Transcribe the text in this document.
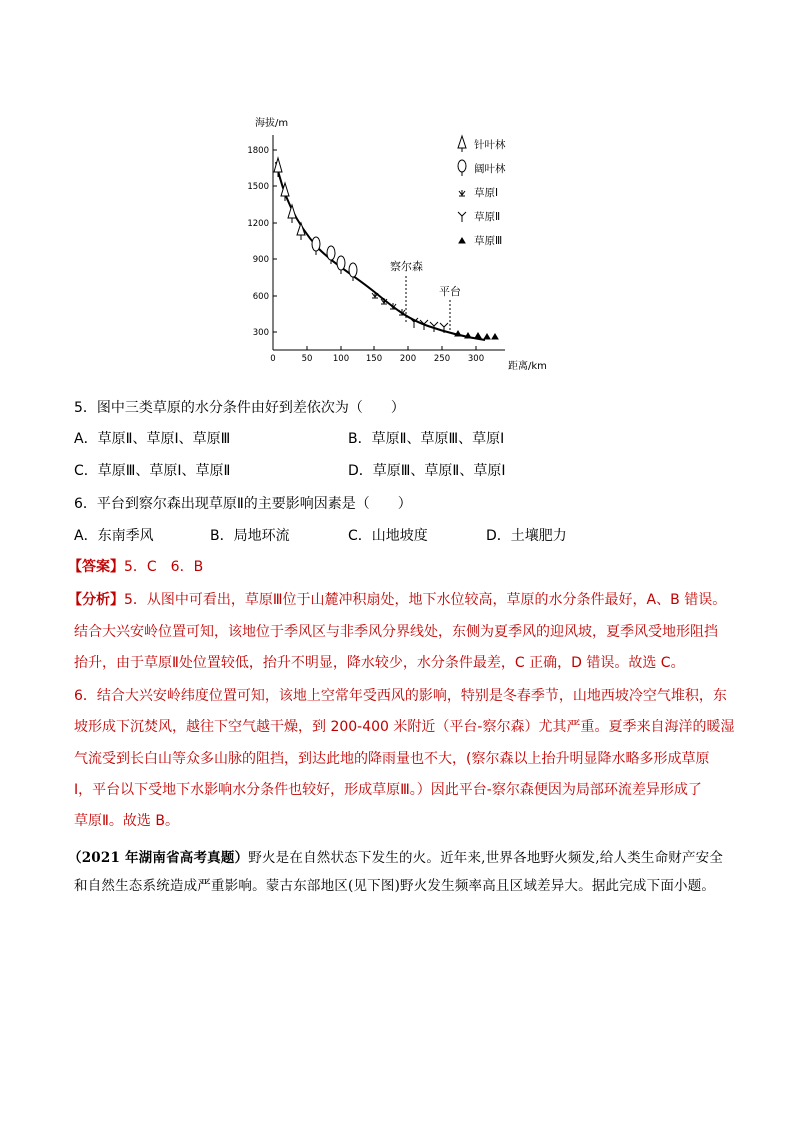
海拔/m
距离/km
1800
1500
1200
900
600
300
0	50 100 150 200 250 300
察尔森
平台
针叶林
阔叶林
草原Ⅰ
草原Ⅱ
草原Ⅲ
5．图中三类草原的水分条件由好到差依次为（　　）
A．草原Ⅱ、草原Ⅰ、草原Ⅲ	B．草原Ⅱ、草原Ⅲ、草原Ⅰ
C．草原Ⅲ、草原Ⅰ、草原Ⅱ	D．草原Ⅲ、草原Ⅱ、草原Ⅰ
6．平台到察尔森出现草原Ⅱ的主要影响因素是（　　）
A．东南季风	B．局地环流	C．山地坡度	D．土壤肥力
【答案】5．C　6．B
【分析】5．从图中可看出，草原Ⅲ位于山麓冲积扇处，地下水位较高，草原的水分条件最好，A、B 错误。
结合大兴安岭位置可知，该地位于季风区与非季风分界线处，东侧为夏季风的迎风坡，夏季风受地形阻挡
抬升，由于草原Ⅱ处位置较低，抬升不明显，降水较少，水分条件最差，C 正确，D 错误。故选 C。
6．结合大兴安岭纬度位置可知，该地上空常年受西风的影响，特别是冬春季节，山地西坡冷空气堆积，东
坡形成下沉焚风，越往下空气越干燥，到 200-400 米附近（平台-察尔森）尤其严重。夏季来自海洋的暖湿
气流受到长白山等众多山脉的阻挡，到达此地的降雨量也不大，(察尔森以上抬升明显降水略多形成草原
Ⅰ，平台以下受地下水影响水分条件也较好，形成草原Ⅲ。）因此平台-察尔森便因为局部环流差异形成了
草原Ⅱ。故选 B。
（2021 年湖南省高考真题）野火是在自然状态下发生的火。近年来,世界各地野火频发,给人类生命财产安全
和自然生态系统造成严重影响。蒙古东部地区(见下图)野火发生频率高且区域差异大。据此完成下面小题。
